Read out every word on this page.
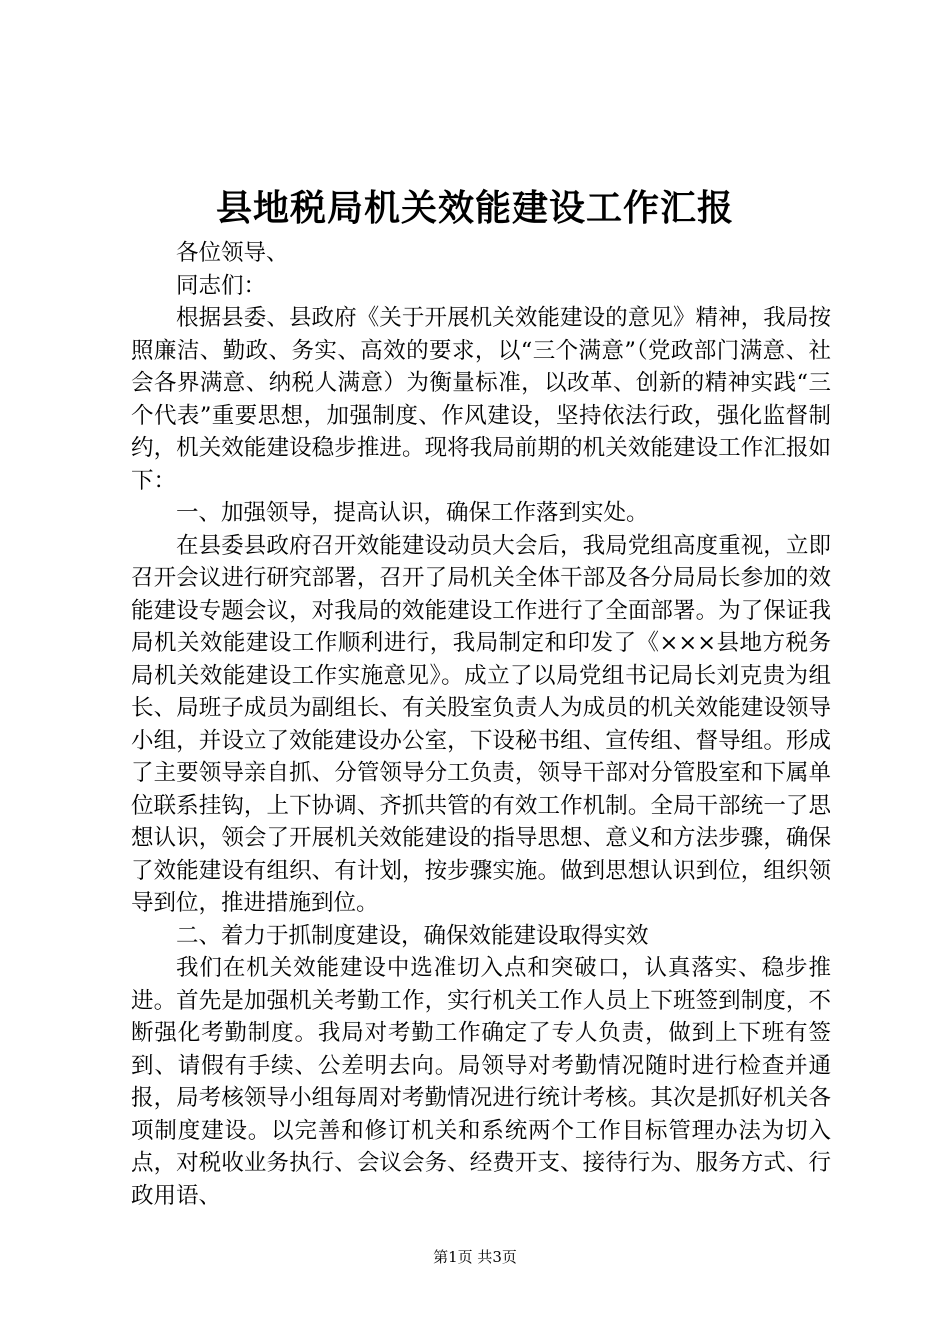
县地税局机关效能建设工作汇报

各位领导、

同志们：

根据县委、县政府《关于开展机关效能建设的意见》精神，我局按照廉洁、勤政、务实、高效的要求，以“三个满意”（党政部门满意、社会各界满意、纳税人满意）为衡量标准，以改革、创新的精神实践“三个代表”重要思想，加强制度、作风建设，坚持依法行政，强化监督制约，机关效能建设稳步推进。现将我局前期的机关效能建设工作汇报如下：

一、加强领导，提高认识，确保工作落到实处。

在县委县政府召开效能建设动员大会后，我局党组高度重视，立即召开会议进行研究部署，召开了局机关全体干部及各分局局长参加的效能建设专题会议，对我局的效能建设工作进行了全面部署。为了保证我局机关效能建设工作顺利进行，我局制定和印发了《×××县地方税务局机关效能建设工作实施意见》。成立了以局党组书记局长刘克贵为组长、局班子成员为副组长、有关股室负责人为成员的机关效能建设领导小组，并设立了效能建设办公室，下设秘书组、宣传组、督导组。形成了主要领导亲自抓、分管领导分工负责，领导干部对分管股室和下属单位联系挂钩，上下协调、齐抓共管的有效工作机制。全局干部统一了思想认识，领会了开展机关效能建设的指导思想、意义和方法步骤，确保了效能建设有组织、有计划，按步骤实施。做到思想认识到位，组织领导到位，推进措施到位。

二、着力于抓制度建设，确保效能建设取得实效

我们在机关效能建设中选准切入点和突破口，认真落实、稳步推进。首先是加强机关考勤工作，实行机关工作人员上下班签到制度，不断强化考勤制度。我局对考勤工作确定了专人负责，做到上下班有签到、请假有手续、公差明去向。局领导对考勤情况随时进行检查并通报，局考核领导小组每周对考勤情况进行统计考核。其次是抓好机关各项制度建设。以完善和修订机关和系统两个工作目标管理办法为切入点，对税收业务执行、会议会务、经费开支、接待行为、服务方式、行政用语、

第1页 共3页
